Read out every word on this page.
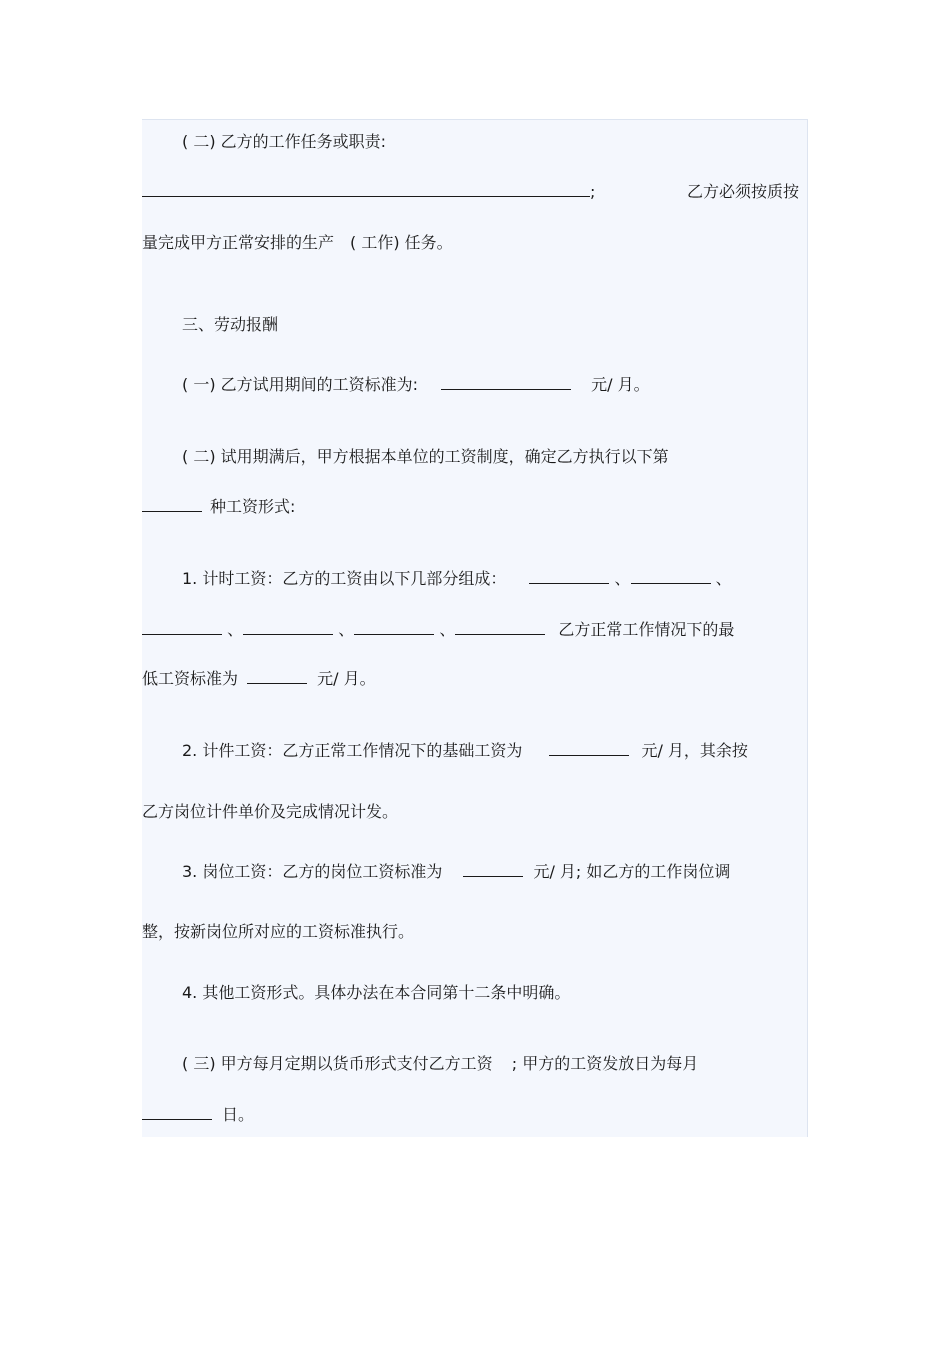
( 二) 乙方的工作任务或职责:
;	乙方必须按质按
量完成甲方正常安排的生产　( 工作) 任务。
三、劳动报酬
( 一) 乙方试用期间的工资标准为:	元/ 月。
( 二) 试用期满后，甲方根据本单位的工资制度，确定乙方执行以下第
种工资形式:
1. 计时工资：乙方的工资由以下几部分组成：	、	、
、	、	、	乙方正常工作情况下的最
低工资标准为	元/ 月。
2. 计件工资：乙方正常工作情况下的基础工资为	元/ 月，其余按
乙方岗位计件单价及完成情况计发。
3. 岗位工资：乙方的岗位工资标准为	元/ 月; 如乙方的工作岗位调
整，按新岗位所对应的工资标准执行。
4. 其他工资形式。具体办法在本合同第十二条中明确。
( 三) 甲方每月定期以货币形式支付乙方工资 ; 甲方的工资发放日为每月
日。
